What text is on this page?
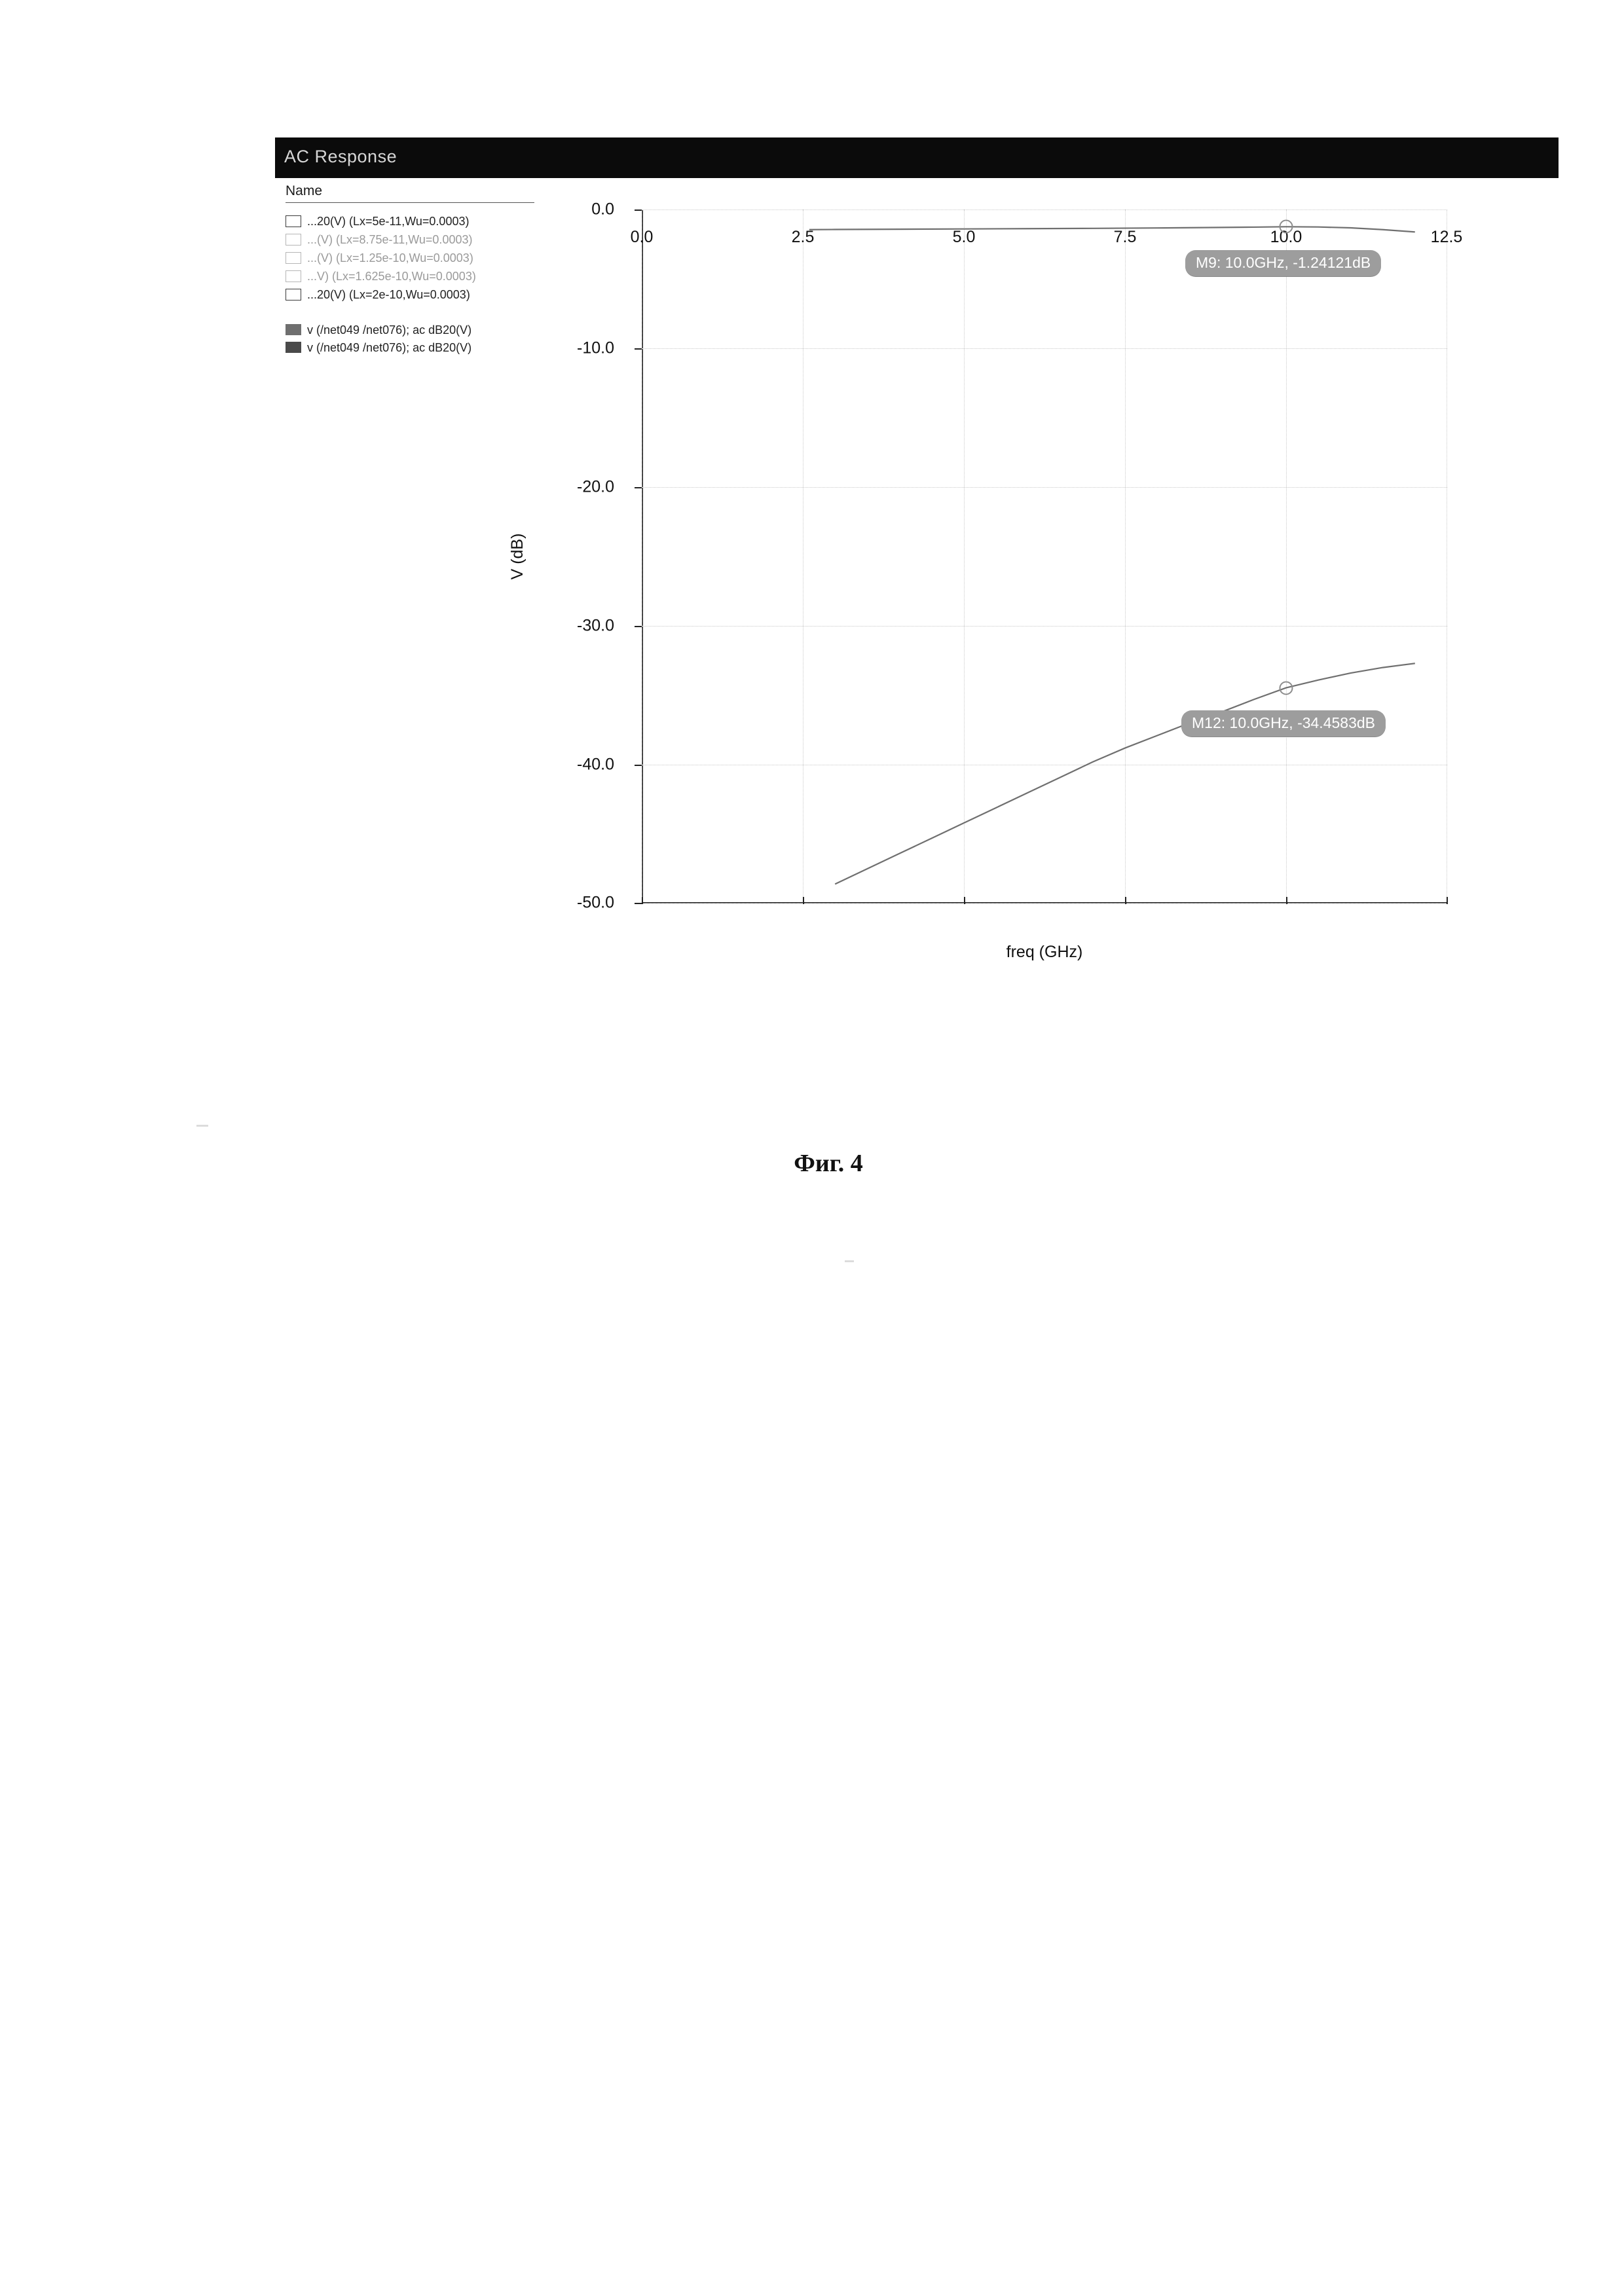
AC Response
Name
...20(V) (Lx=5e-11,Wu=0.0003)
...(V) (Lx=8.75e-11,Wu=0.0003)
...(V) (Lx=1.25e-10,Wu=0.0003)
...V) (Lx=1.625e-10,Wu=0.0003)
...20(V) (Lx=2e-10,Wu=0.0003)
v (/net049 /net076); ac dB20(V)
v (/net049 /net076); ac dB20(V)
0.0	2.5	5.0	7.5	10.0	12.5
0.0
-10.0
-20.0
-30.0
-40.0
-50.0
M9: 10.0GHz, -1.24121dB
M12: 10.0GHz, -34.4583dB
freq (GHz)
V (dB)
Фиг. 4
